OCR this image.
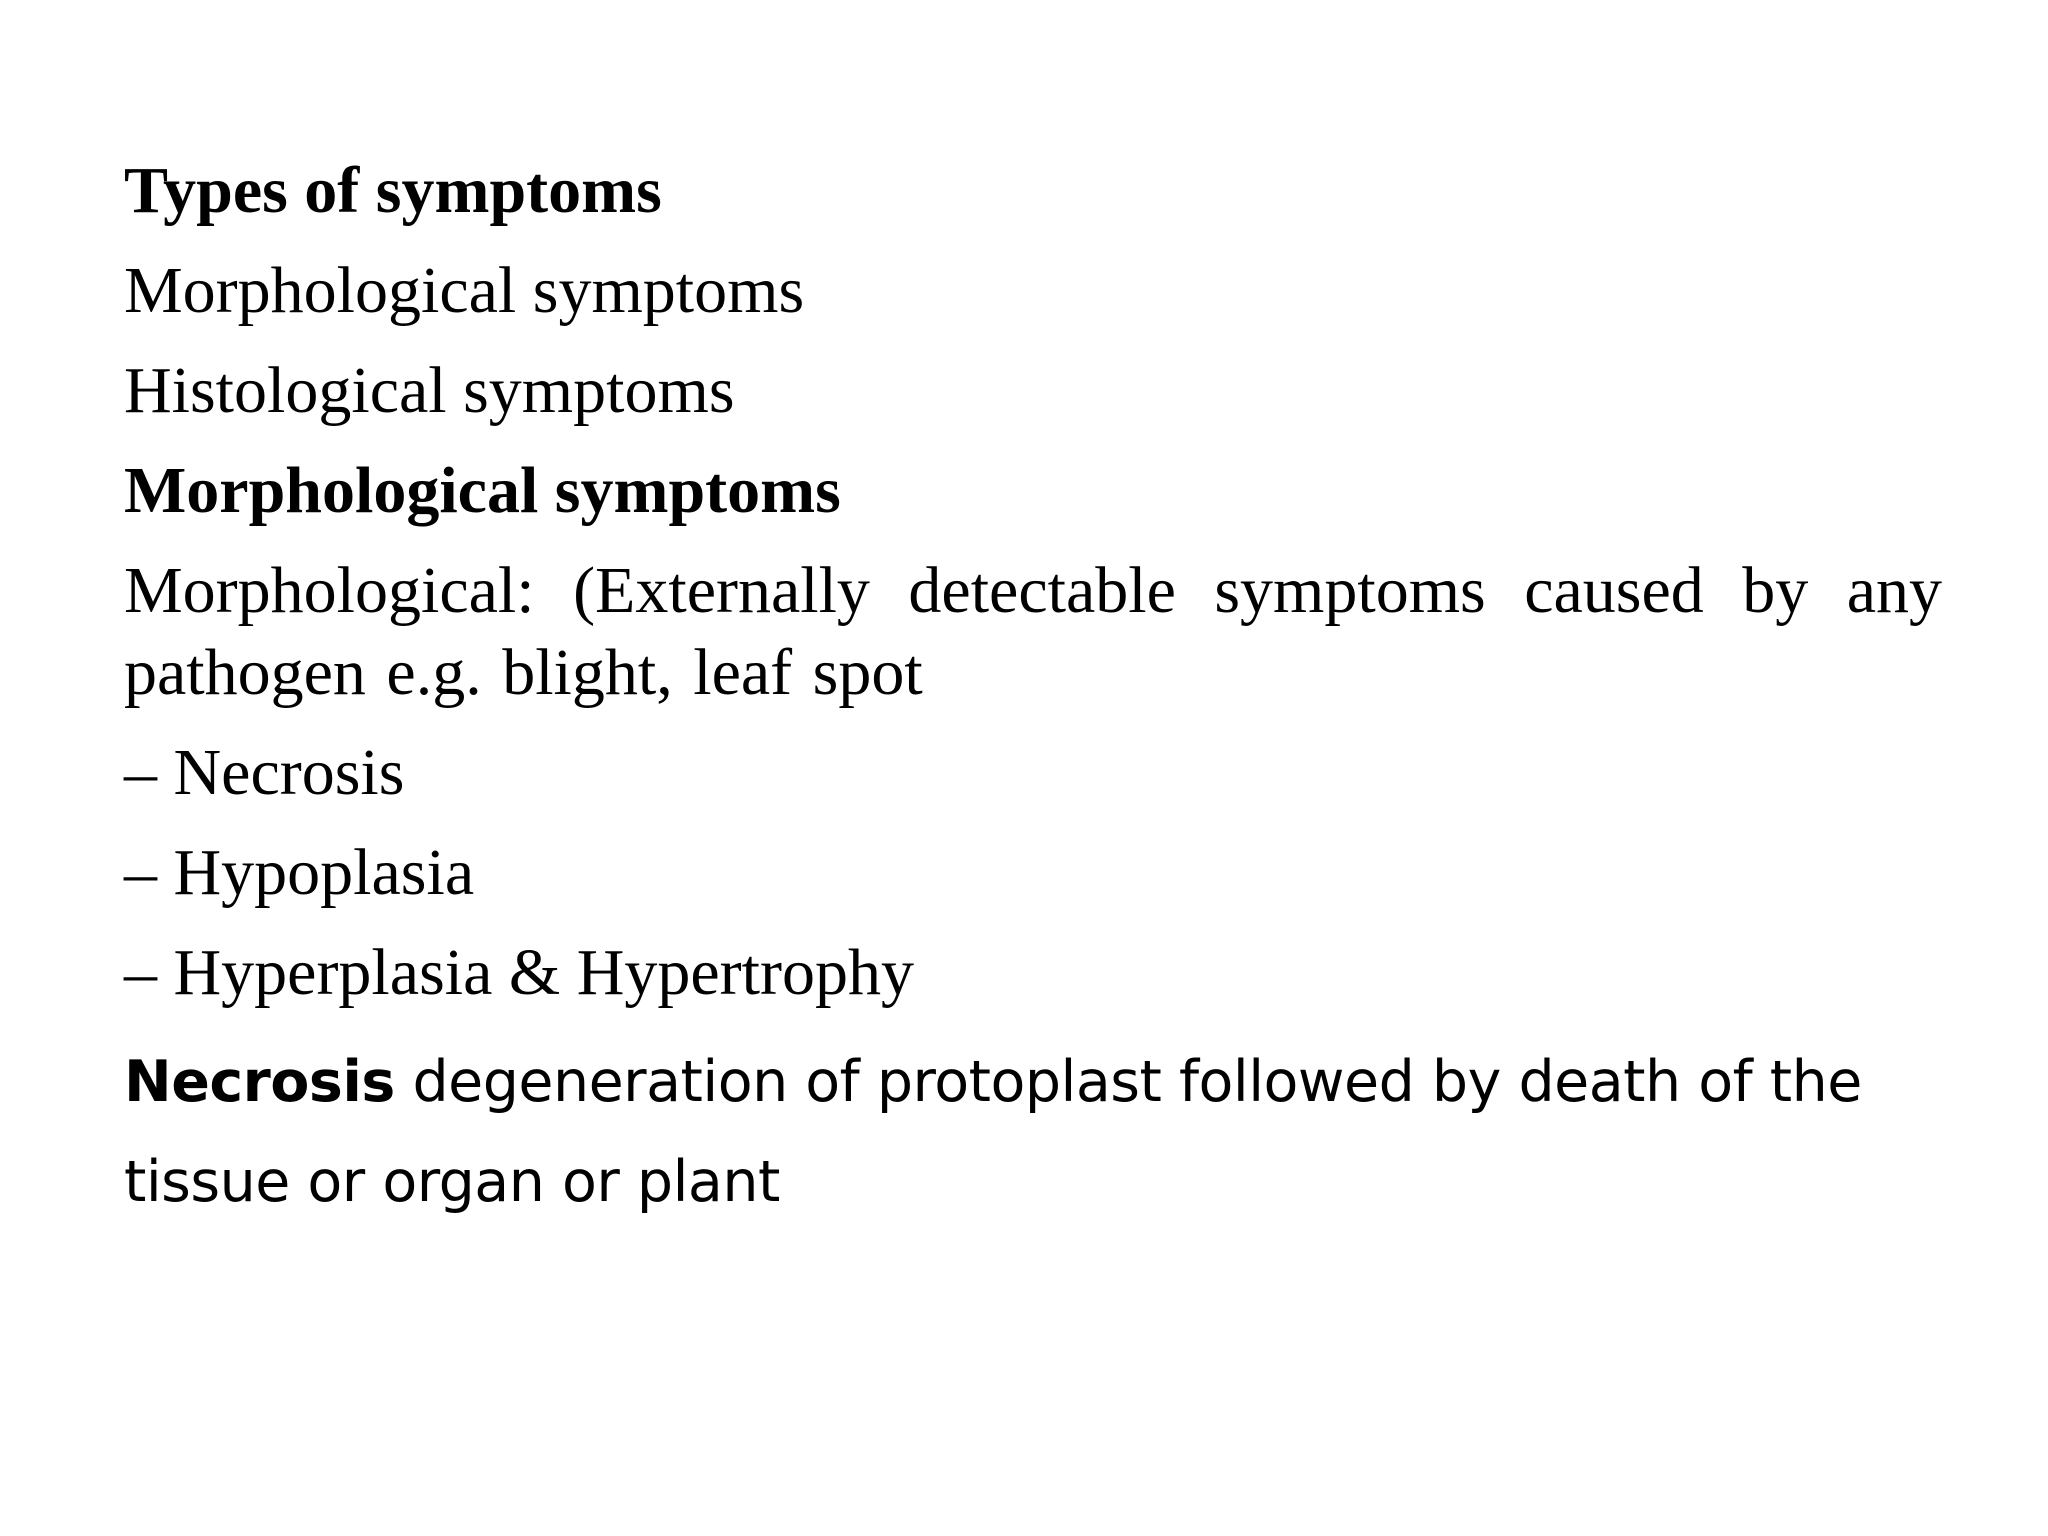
Types of symptoms
Morphological symptoms
Histological symptoms
Morphological symptoms
Morphological: (Externally detectable symptoms caused by any pathogen e.g. blight, leaf spot
– Necrosis
– Hypoplasia
– Hyperplasia & Hypertrophy

Necrosis degeneration of protoplast followed by death of the tissue or organ or plant
